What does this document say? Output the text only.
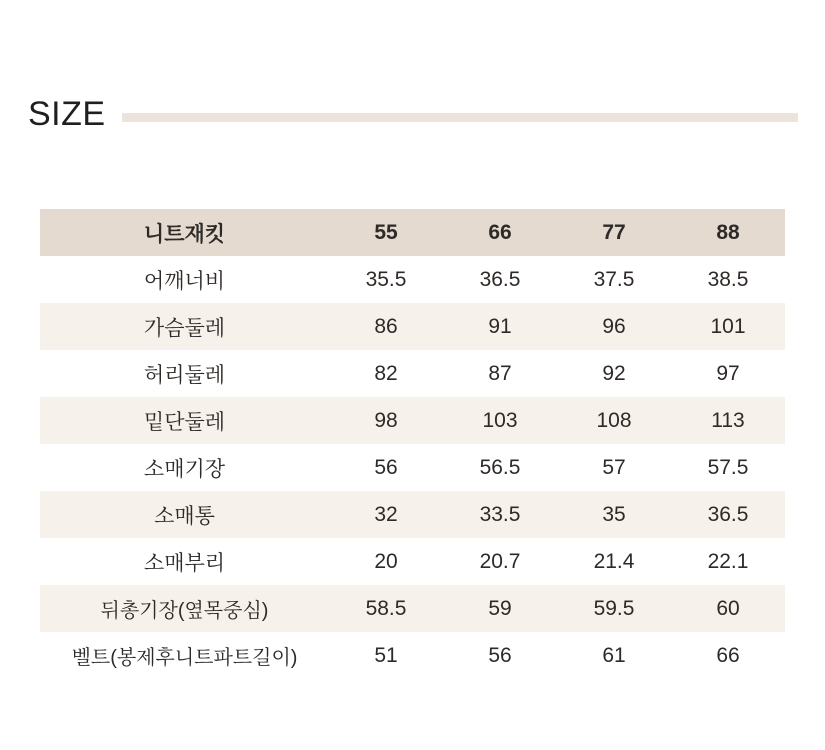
SIZE
니트재킷	55	66	77	88
어깨너비	35.5	36.5	37.5	38.5
가슴둘레	86	91	96	101
허리둘레	82	87	92	97
밑단둘레	98	103	108	113
소매기장	56	56.5	57	57.5
소매통	32	33.5	35	36.5
소매부리	20	20.7	21.4	22.1
뒤총기장(옆목중심)	58.5	59	59.5	60
벨트(봉제후니트파트길이)	51	56	61	66
